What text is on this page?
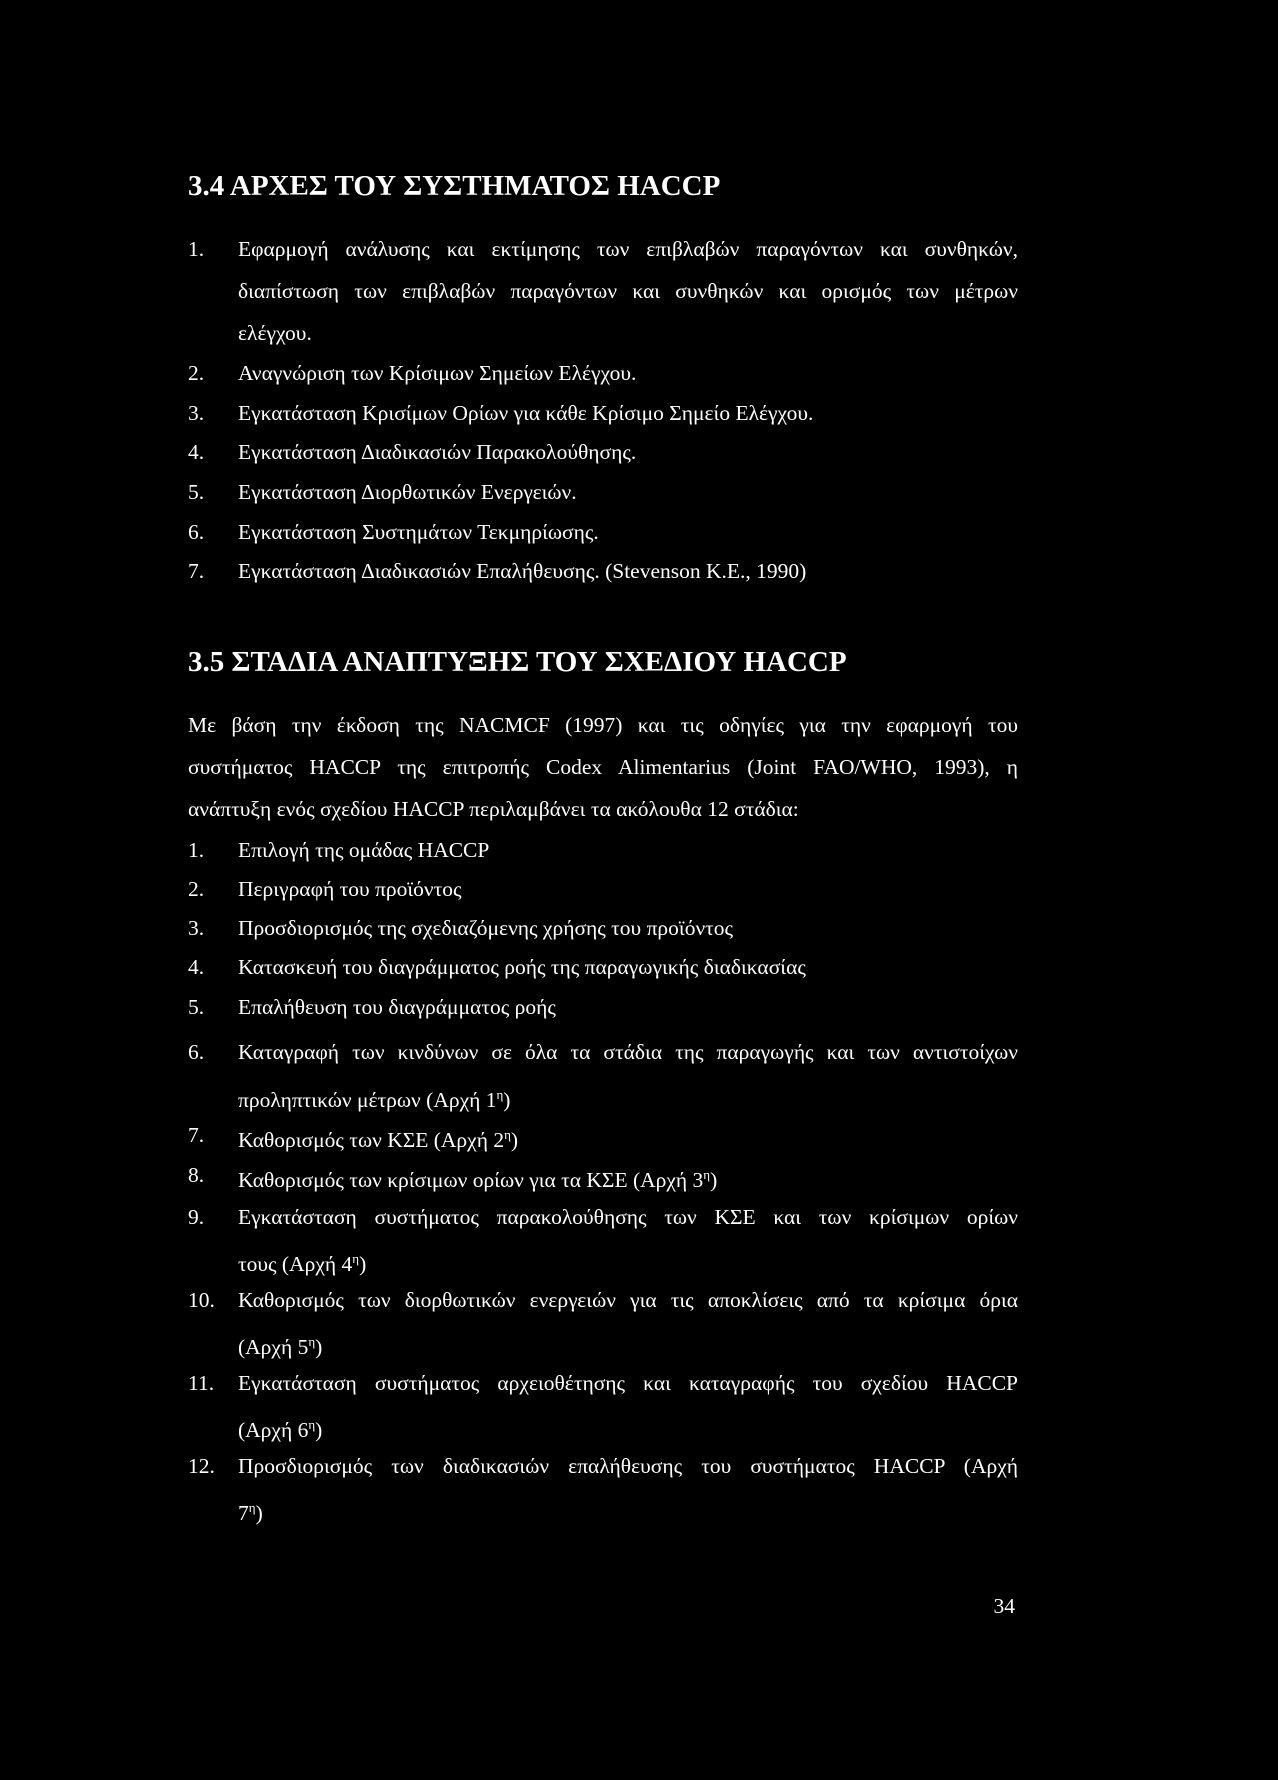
3.4 ΑΡΧΕΣ ΤΟΥ ΣΥΣΤΗΜΑΤΟΣ HACCP
1. Εφαρμογή ανάλυσης και εκτίμησης των επιβλαβών παραγόντων και συνθηκών,
διαπίστωση των επιβλαβών παραγόντων και συνθηκών και ορισμός των μέτρων
ελέγχου.
2. Αναγνώριση των Κρίσιμων Σημείων Ελέγχου.
3. Εγκατάσταση Κρισίμων Ορίων για κάθε Κρίσιμο Σημείο Ελέγχου.
4. Εγκατάσταση Διαδικασιών Παρακολούθησης.
5. Εγκατάσταση Διορθωτικών Ενεργειών.
6. Εγκατάσταση Συστημάτων Τεκμηρίωσης.
7. Εγκατάσταση Διαδικασιών Επαλήθευσης. (Stevenson K.E., 1990)
3.5 ΣΤΑΔΙΑ ΑΝΑΠΤΥΞΗΣ ΤΟΥ ΣΧΕΔΙΟΥ HACCP
Με βάση την έκδοση της NACMCF (1997) και τις οδηγίες για την εφαρμογή του
συστήματος HACCP της επιτροπής Codex Alimentarius (Joint FAO/WHO, 1993), η
ανάπτυξη ενός σχεδίου HACCP περιλαμβάνει τα ακόλουθα 12 στάδια:
1. Επιλογή της ομάδας HACCP
2. Περιγραφή του προϊόντος
3. Προσδιορισμός της σχεδιαζόμενης χρήσης του προϊόντος
4. Κατασκευή του διαγράμματος ροής της παραγωγικής διαδικασίας
5. Επαλήθευση του διαγράμματος ροής
6. Καταγραφή των κινδύνων σε όλα τα στάδια της παραγωγής και των αντιστοίχων
προληπτικών μέτρων (Αρχή $1^\eta$)
7. Καθορισμός των ΚΣΕ (Αρχή $2^\eta$)
8. Καθορισμός των κρίσιμων ορίων για τα ΚΣΕ (Αρχή $3^\eta$)
9. Εγκατάσταση συστήματος παρακολούθησης των ΚΣΕ και των κρίσιμων ορίων
τους (Αρχή $4^\eta$)
10. Καθορισμός των διορθωτικών ενεργειών για τις αποκλίσεις από τα κρίσιμα όρια
(Αρχή $5^\eta$)
11. Εγκατάσταση συστήματος αρχειοθέτησης και καταγραφής του σχεδίου HACCP
(Αρχή $6^\eta$)
12. Προσδιορισμός των διαδικασιών επαλήθευσης του συστήματος HACCP (Αρχή
$7^\eta$)
34
